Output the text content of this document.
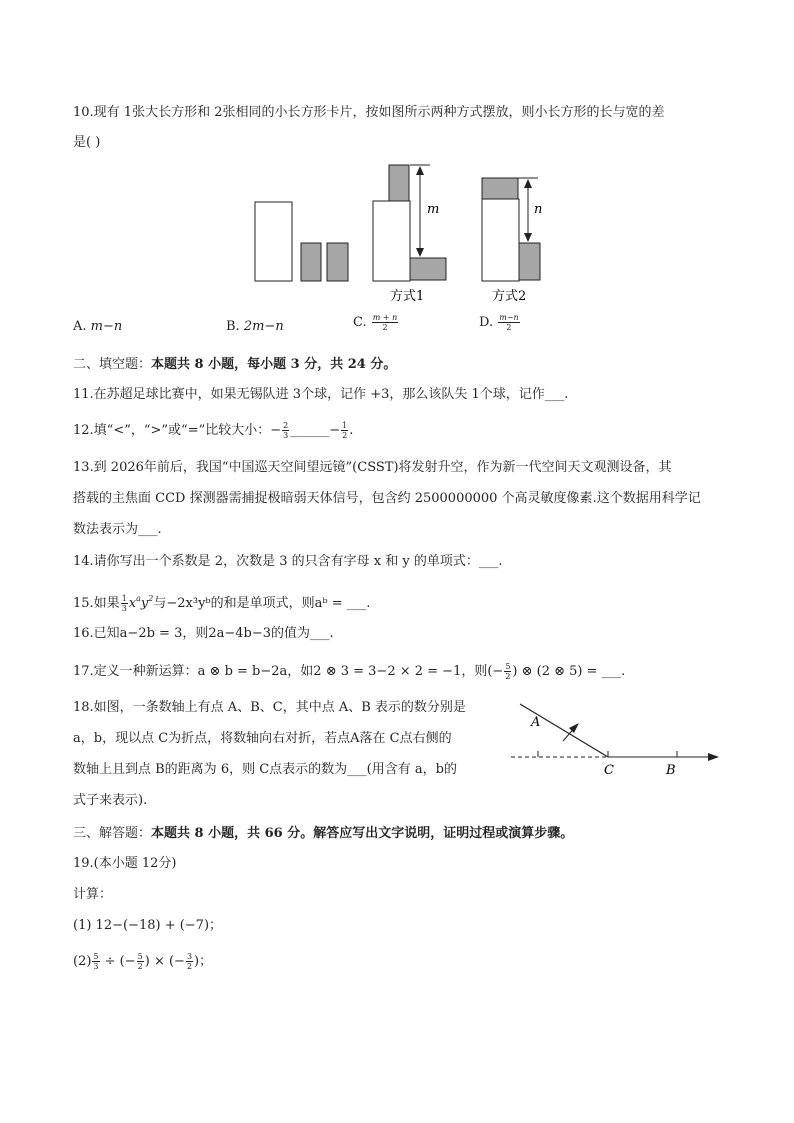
10.现有 1张大长方形和 2张相同的小长方形卡片，按如图所示两种方式摆放，则小长方形的长与宽的差
是( )
m	n
方式1	方式2
A. m−n	B. 2m−n	C. $\frac{m + n}{2}$	D. $\frac{m-n}{2}$
二、填空题：本题共 8 小题，每小题 3 分，共 24 分。
11.在苏超足球比赛中，如果无锡队进 3个球，记作 +3，那么该队失 1个球，记作___.
12.填“<”，“>”或“=”比较大小：− $\frac{2}{3}$ ______− $\frac{1}{2}$ .
13.到 2026年前后，我国“中国巡天空间望远镜”(CSST)将发射升空，作为新一代空间天文观测设备，其
搭载的主焦面 CCD 探测器需捕捉极暗弱天体信号，包含约 2500000000 个高灵敏度像素.这个数据用科学记
数法表示为___.
14.请你写出一个系数是 2，次数是 3 的只含有字母 x 和 y 的单项式：___.
15.如果 $\frac{1}{3} x^ay^2$与−2x³yᵇ的和是单项式，则aᵇ = ___.
16.已知a−2b = 3，则2a−4b−3的值为___.
17.定义一种新运算：a ⊗ b = b−2a，如2 ⊗ 3 = 3−2 × 2 = −1，则(− $\frac{5}{2}$ ) ⊗ (2 ⊗ 5) = ___.
18.如图，一条数轴上有点 A、B、C，其中点 A、B 表示的数分别是
a，b，现以点 C为折点，将数轴向右对折，若点A落在 C点右侧的
数轴上且到点 B的距离为 6，则 C点表示的数为___(用含有 a，b的
式子来表示).
A
C	B
三、解答题：本题共 8 小题，共 66 分。解答应写出文字说明，证明过程或演算步骤。
19.(本小题 12分)
计算：
(1) 12−(−18) + (−7)；
$(2) \frac{5}{3}$ ÷ (− $\frac{5}{2}$ ) × (− $\frac{3}{2}$ )；
